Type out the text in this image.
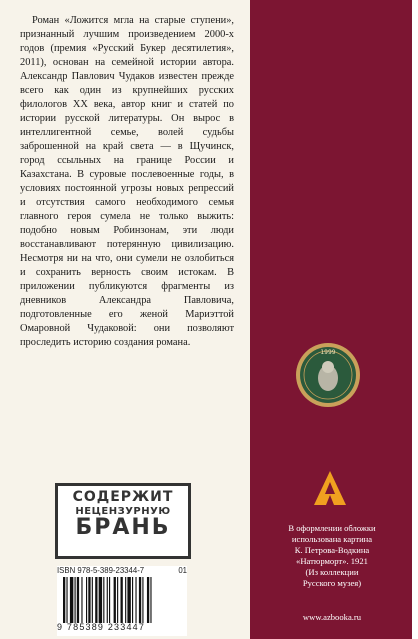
Роман «Ложится мгла на старые ступени», признанный лучшим произведением 2000-х годов (премия «Русский Букер десятилетия», 2011), основан на семейной истории автора. Александр Павлович Чудаков известен прежде всего как один из крупнейших русских филологов XX века, автор книг и статей по истории русской литературы. Он вырос в интеллигентной семье, волей судьбы заброшенной на край света — в Щучинск, город ссыльных на границе России и Казахстана. В суровые послевоенные годы, в условиях постоянной угрозы новых репрессий и отсутствия самого необходимого семья главного героя сумела не только выжить: подобно новым Робинзонам, эти люди восстанавливают потерянную цивилизацию. Несмотря ни на что, они сумели не озлобиться и сохранить верность своим истокам. В приложении публикуются фрагменты из дневников Александра Павловича, подготовленные его женой Мариэттой Омаровной Чудаковой: они позволяют проследить историю создания романа.
СОДЕРЖИТ
НЕЦЕНЗУРНУЮ
БРАНЬ
ISBN 978-5-389-23344-7	01
9 785389 233447
1999
В оформлении обложки
использована картина
К. Петрова-Водкина
«Натюрморт». 1921
(Из коллекции
Русского музея)
www.azbooka.ru
